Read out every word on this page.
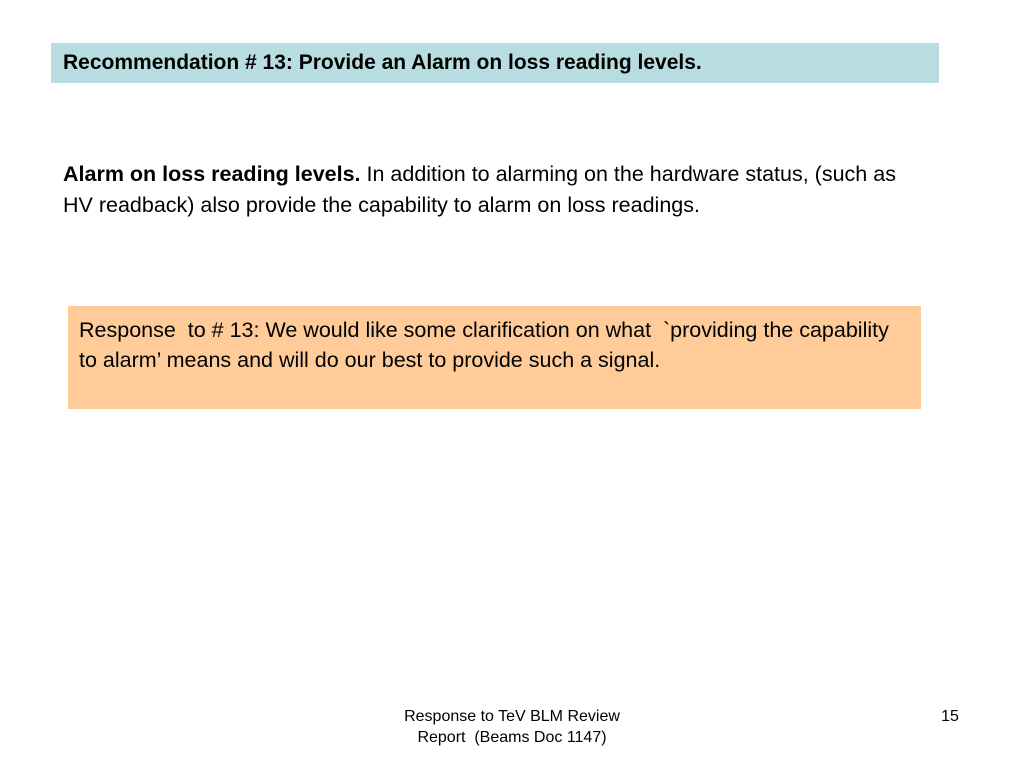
Recommendation # 13: Provide an Alarm on loss reading levels.
Alarm on loss reading levels. In addition to alarming on the hardware status, (such as HV readback) also provide the capability to alarm on loss readings.
Response  to # 13: We would like some clarification on what  `providing the capability to alarm’ means and will do our best to provide such a signal.
Response to TeV BLM Review
Report  (Beams Doc 1147)
15
